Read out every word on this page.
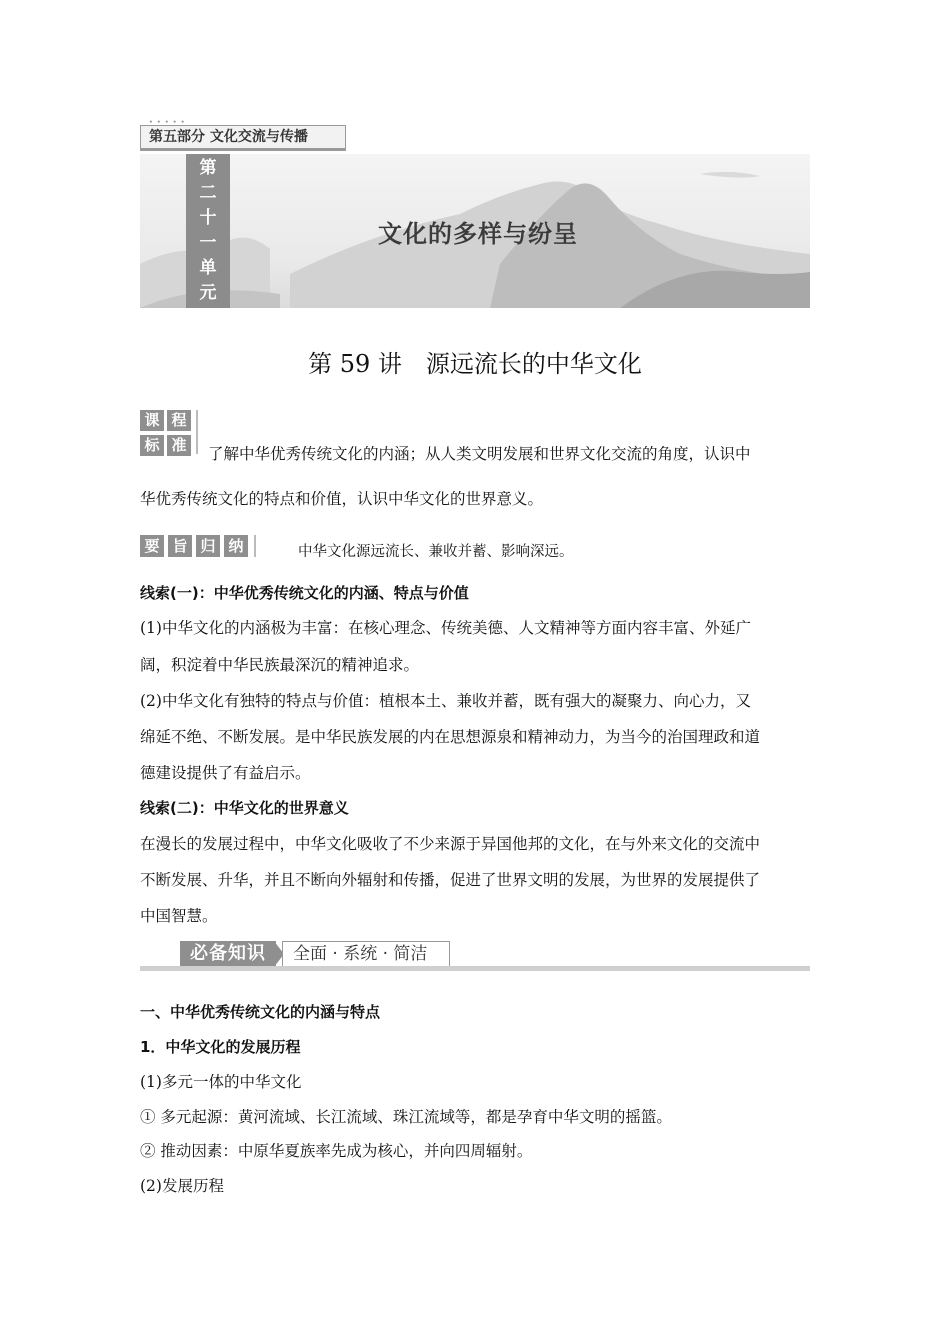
• • • • •
第五部分 文化交流与传播
第
二
十
一
单
元
文化的多样与纷呈
第 59 讲　源远流长的中华文化
课 程
标 准 了解中华优秀传统文化的内涵；从人类文明发展和世界文化交流的角度，认识中
华优秀传统文化的特点和价值，认识中华文化的世界意义。
要 旨 归 纳	中华文化源远流长、兼收并蓄、影响深远。
线索(一)：中华优秀传统文化的内涵、特点与价值
(1)中华文化的内涵极为丰富：在核心理念、传统美德、人文精神等方面内容丰富、外延广
阔，积淀着中华民族最深沉的精神追求。
(2)中华文化有独特的特点与价值：植根本土、兼收并蓄，既有强大的凝聚力、向心力，又
绵延不绝、不断发展。是中华民族发展的内在思想源泉和精神动力，为当今的治国理政和道
德建设提供了有益启示。
线索(二)：中华文化的世界意义
在漫长的发展过程中，中华文化吸收了不少来源于异国他邦的文化，在与外来文化的交流中
不断发展、升华，并且不断向外辐射和传播，促进了世界文明的发展，为世界的发展提供了
中国智慧。
必备知识	全面 · 系统 · 简洁
一、中华优秀传统文化的内涵与特点
1．中华文化的发展历程
(1)多元一体的中华文化
① 多元起源：黄河流域、长江流域、珠江流域等，都是孕育中华文明的摇篮。
② 推动因素：中原华夏族率先成为核心，并向四周辐射。
(2)发展历程
